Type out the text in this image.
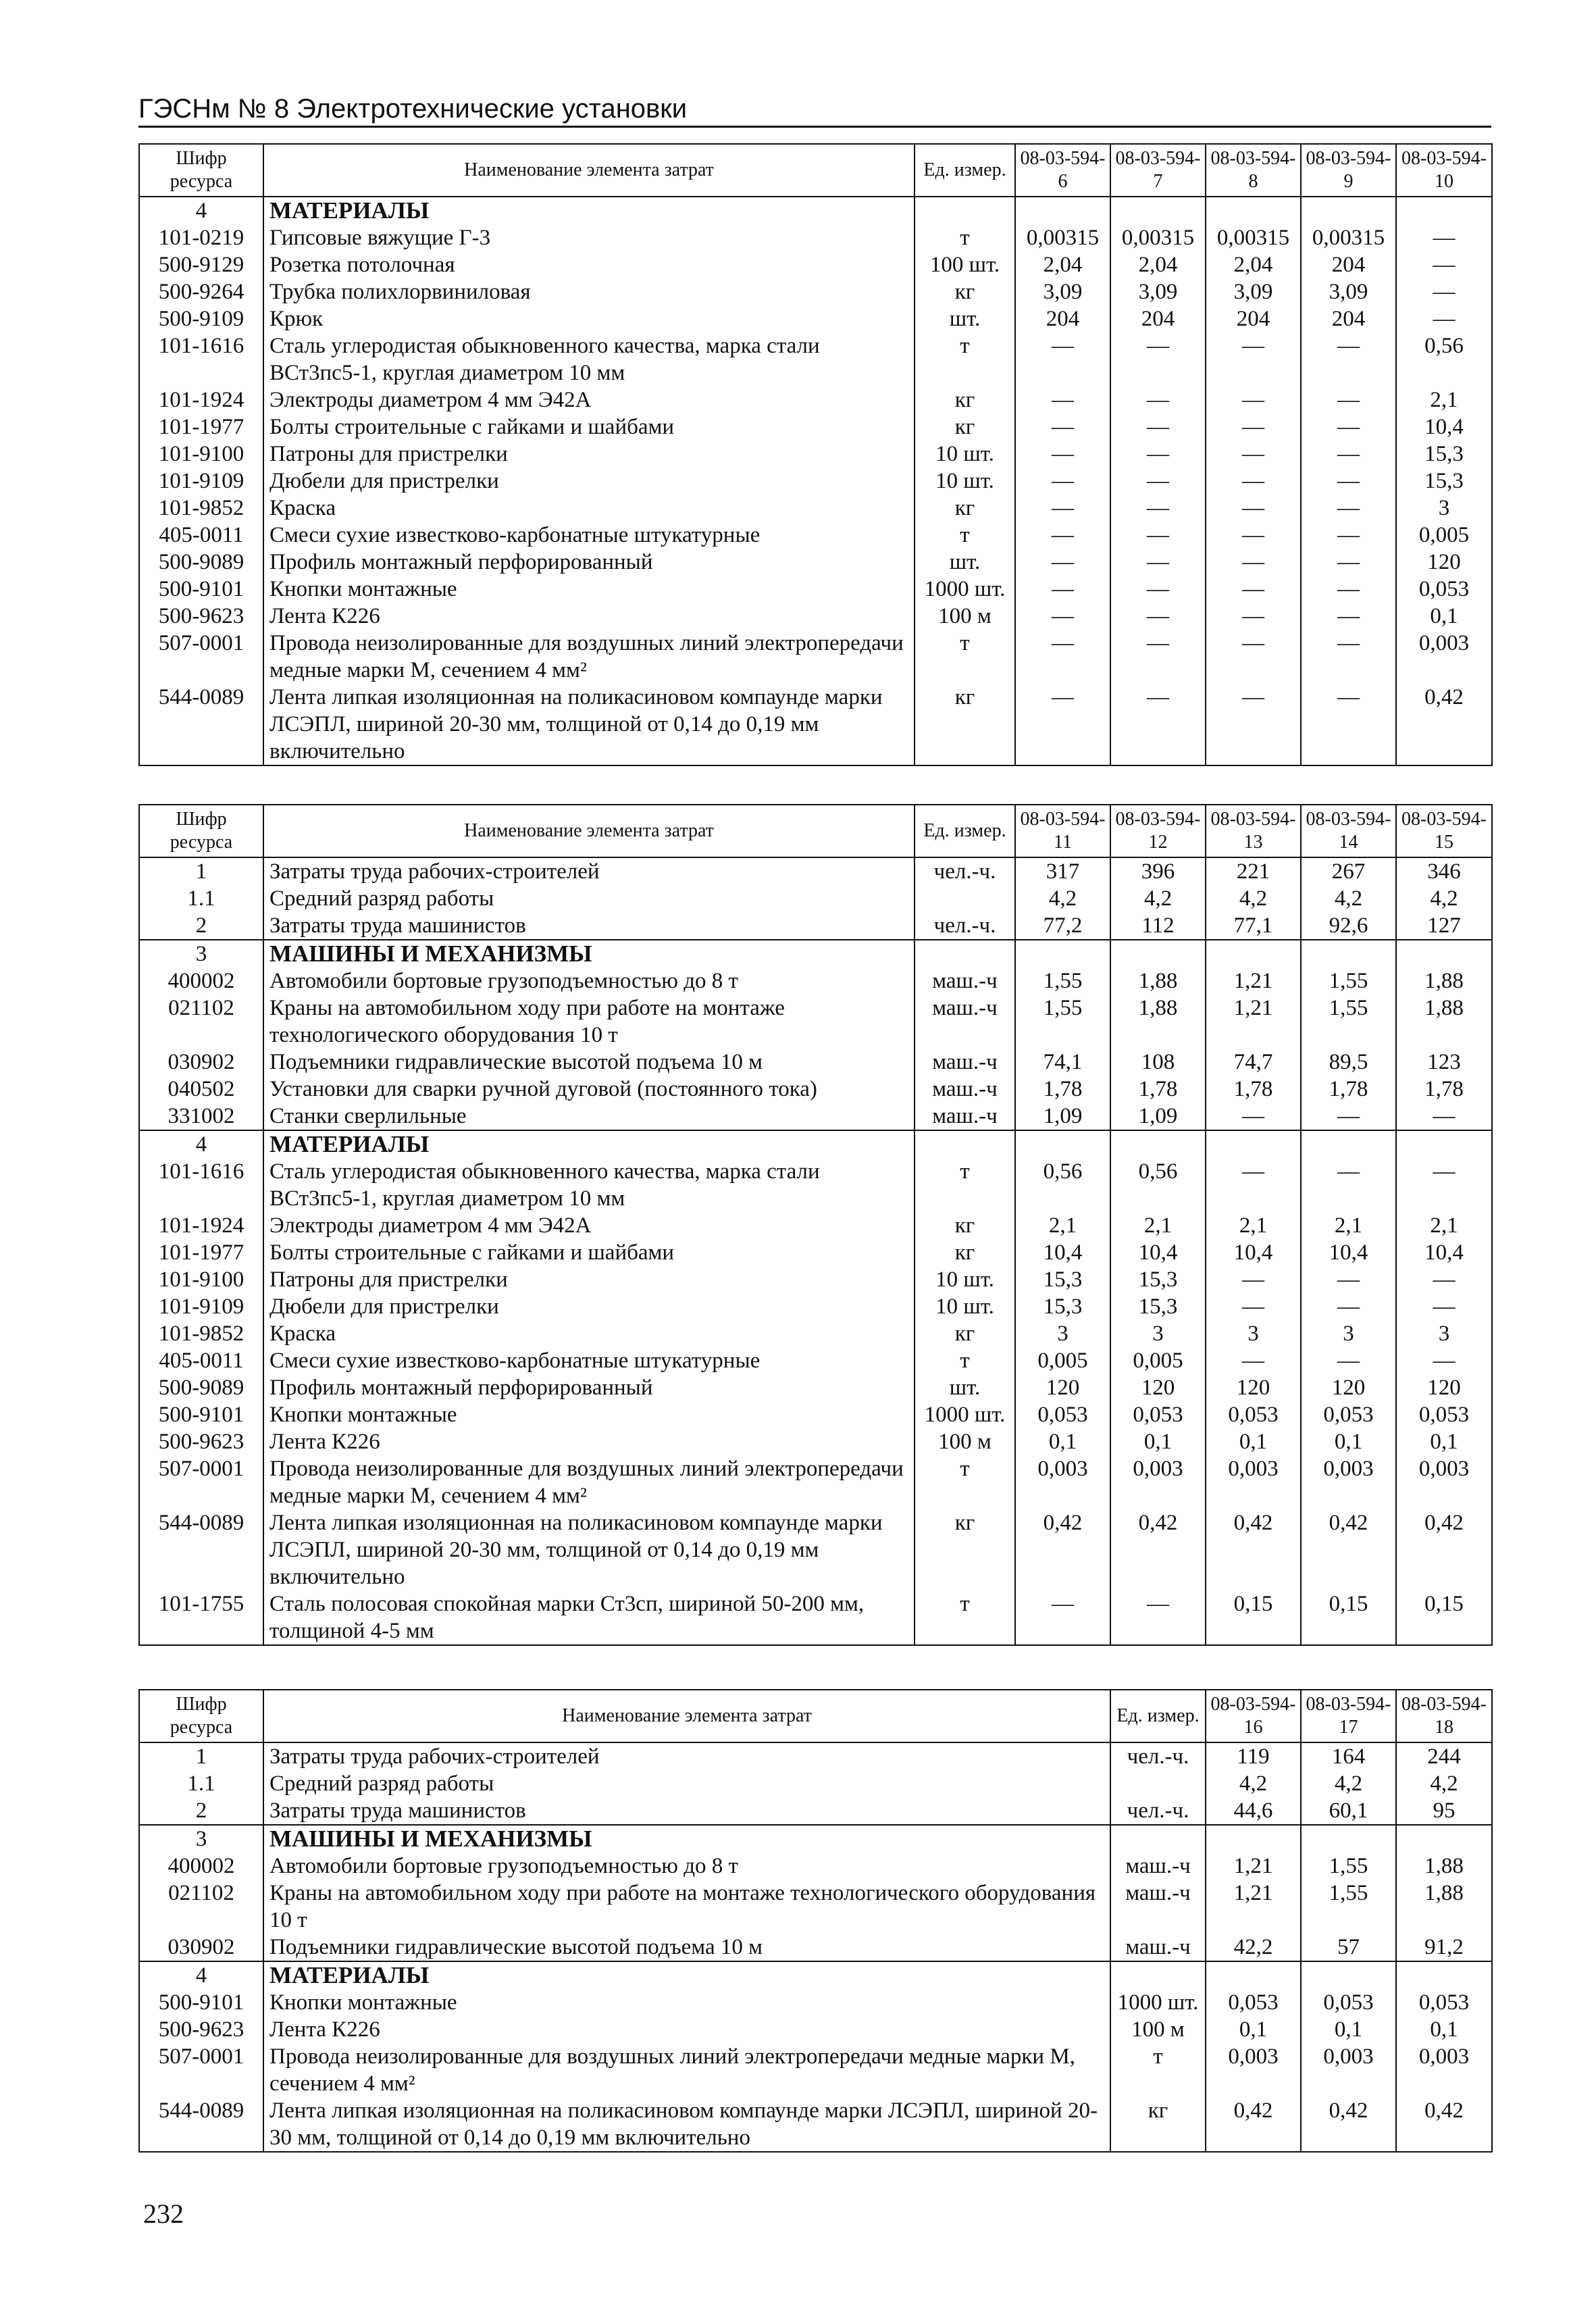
ГЭСНм № 8 Электротехнические установки
Шифр ресурса	Наименование элемента затрат	Ед. измер.	08-03-594-6	08-03-594-7	08-03-594-8	08-03-594-9	08-03-594-10
4	МАТЕРИАЛЫ						
101-0219	Гипсовые вяжущие Г-3	т	0,00315	0,00315	0,00315	0,00315	—
500-9129	Розетка потолочная	100 шт.	2,04	2,04	2,04	204	—
500-9264	Трубка полихлорвиниловая	кг	3,09	3,09	3,09	3,09	—
500-9109	Крюк	шт.	204	204	204	204	—
101-1616	Сталь углеродистая обыкновенного качества, марка стали ВСт3пс5-1, круглая диаметром 10 мм	т	—	—	—	—	0,56
101-1924	Электроды диаметром 4 мм Э42А	кг	—	—	—	—	2,1
101-1977	Болты строительные с гайками и шайбами	кг	—	—	—	—	10,4
101-9100	Патроны для пристрелки	10 шт.	—	—	—	—	15,3
101-9109	Дюбели для пристрелки	10 шт.	—	—	—	—	15,3
101-9852	Краска	кг	—	—	—	—	3
405-0011	Смеси сухие известково-карбонатные штукатурные	т	—	—	—	—	0,005
500-9089	Профиль монтажный перфорированный	шт.	—	—	—	—	120
500-9101	Кнопки монтажные	1000 шт.	—	—	—	—	0,053
500-9623	Лента К226	100 м	—	—	—	—	0,1
507-0001	Провода неизолированные для воздушных линий электропередачи медные марки М, сечением 4 мм²	т	—	—	—	—	0,003
544-0089	Лента липкая изоляционная на поликасиновом компаунде марки ЛСЭПЛ, шириной 20-30 мм, толщиной от 0,14 до 0,19 мм включительно	кг	—	—	—	—	0,42
Шифр ресурса	Наименование элемента затрат	Ед. измер.	08-03-594-11	08-03-594-12	08-03-594-13	08-03-594-14	08-03-594-15
1	Затраты труда рабочих-строителей	чел.-ч.	317	396	221	267	346
1.1	Средний разряд работы		4,2	4,2	4,2	4,2	4,2
2	Затраты труда машинистов	чел.-ч.	77,2	112	77,1	92,6	127
3	МАШИНЫ И МЕХАНИЗМЫ						
400002	Автомобили бортовые грузоподъемностью до 8 т	маш.-ч	1,55	1,88	1,21	1,55	1,88
021102	Краны на автомобильном ходу при работе на монтаже технологического оборудования 10 т	маш.-ч	1,55	1,88	1,21	1,55	1,88
030902	Подъемники гидравлические высотой подъема 10 м	маш.-ч	74,1	108	74,7	89,5	123
040502	Установки для сварки ручной дуговой (постоянного тока)	маш.-ч	1,78	1,78	1,78	1,78	1,78
331002	Станки сверлильные	маш.-ч	1,09	1,09	—	—	—
4	МАТЕРИАЛЫ						
101-1616	Сталь углеродистая обыкновенного качества, марка стали ВСт3пс5-1, круглая диаметром 10 мм	т	0,56	0,56	—	—	—
101-1924	Электроды диаметром 4 мм Э42А	кг	2,1	2,1	2,1	2,1	2,1
101-1977	Болты строительные с гайками и шайбами	кг	10,4	10,4	10,4	10,4	10,4
101-9100	Патроны для пристрелки	10 шт.	15,3	15,3	—	—	—
101-9109	Дюбели для пристрелки	10 шт.	15,3	15,3	—	—	—
101-9852	Краска	кг	3	3	3	3	3
405-0011	Смеси сухие известково-карбонатные штукатурные	т	0,005	0,005	—	—	—
500-9089	Профиль монтажный перфорированный	шт.	120	120	120	120	120
500-9101	Кнопки монтажные	1000 шт.	0,053	0,053	0,053	0,053	0,053
500-9623	Лента К226	100 м	0,1	0,1	0,1	0,1	0,1
507-0001	Провода неизолированные для воздушных линий электропередачи медные марки М, сечением 4 мм²	т	0,003	0,003	0,003	0,003	0,003
544-0089	Лента липкая изоляционная на поликасиновом компаунде марки ЛСЭПЛ, шириной 20-30 мм, толщиной от 0,14 до 0,19 мм включительно	кг	0,42	0,42	0,42	0,42	0,42
101-1755	Сталь полосовая спокойная марки Ст3сп, шириной 50-200 мм, толщиной 4-5 мм	т	—	—	0,15	0,15	0,15
Шифр ресурса	Наименование элемента затрат	Ед. измер.	08-03-594-16	08-03-594-17	08-03-594-18
1	Затраты труда рабочих-строителей	чел.-ч.	119	164	244
1.1	Средний разряд работы		4,2	4,2	4,2
2	Затраты труда машинистов	чел.-ч.	44,6	60,1	95
3	МАШИНЫ И МЕХАНИЗМЫ				
400002	Автомобили бортовые грузоподъемностью до 8 т	маш.-ч	1,21	1,55	1,88
021102	Краны на автомобильном ходу при работе на монтаже технологического оборудования 10 т	маш.-ч	1,21	1,55	1,88
030902	Подъемники гидравлические высотой подъема 10 м	маш.-ч	42,2	57	91,2
4	МАТЕРИАЛЫ				
500-9101	Кнопки монтажные	1000 шт.	0,053	0,053	0,053
500-9623	Лента К226	100 м	0,1	0,1	0,1
507-0001	Провода неизолированные для воздушных линий электропередачи медные марки М, сечением 4 мм²	т	0,003	0,003	0,003
544-0089	Лента липкая изоляционная на поликасиновом компаунде марки ЛСЭПЛ, шириной 20-30 мм, толщиной от 0,14 до 0,19 мм включительно	кг	0,42	0,42	0,42
232
